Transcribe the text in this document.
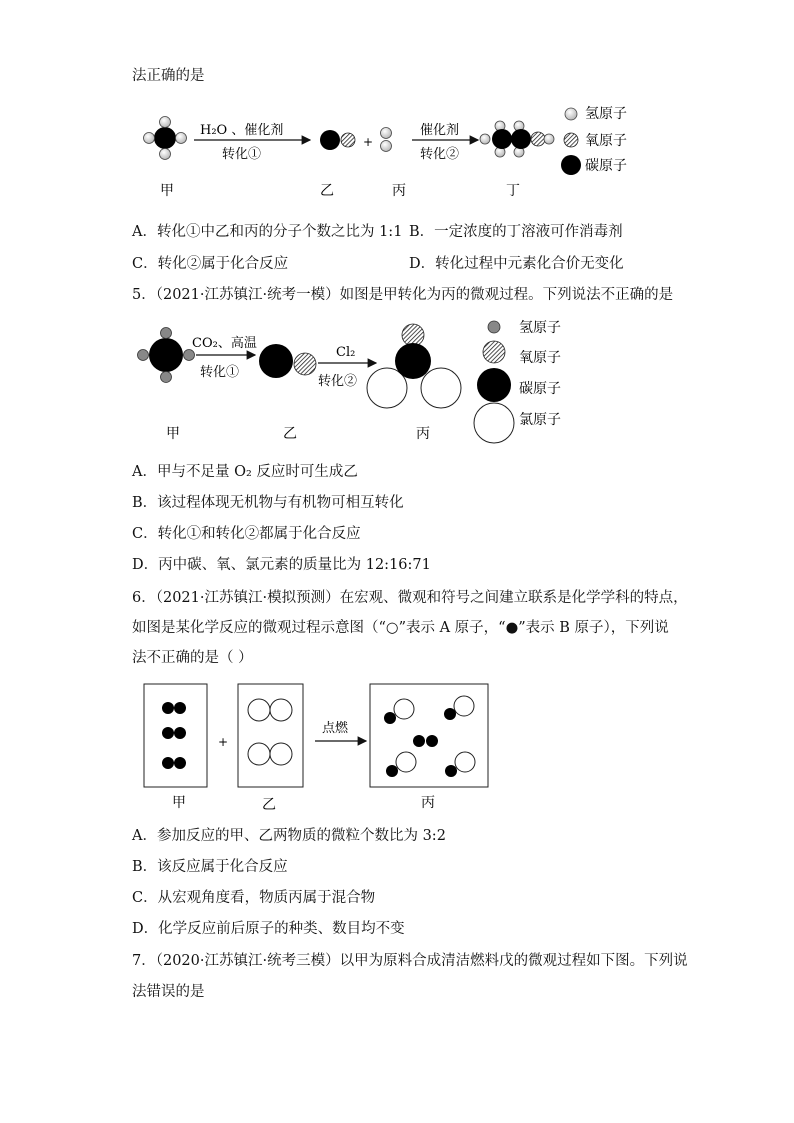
法正确的是
H₂O 、催化剂
转化①
+
催化剂
转化②
甲	乙	丙	丁
氢原子
氧原子
碳原子
A．转化①中乙和丙的分子个数之比为 1:1 B．一定浓度的丁溶液可作消毒剂
C．转化②属于化合反应	D．转化过程中元素化合价无变化
5．（2021·江苏镇江·统考一模）如图是甲转化为丙的微观过程。下列说法不正确的是
CO₂、高温
转化①
Cl₂
转化②
甲	乙	丙
氢原子
氧原子
碳原子
氯原子
A．甲与不足量 O₂ 反应时可生成乙
B．该过程体现无机物与有机物可相互转化
C．转化①和转化②都属于化合反应
D．丙中碳、氧、氯元素的质量比为 12:16:71
6．（2021·江苏镇江·模拟预测）在宏观、微观和符号之间建立联系是化学学科的特点，
如图是某化学反应的微观过程示意图（“○”表示 A 原子，“●”表示 B 原子），下列说
法不正确的是（ ）
+
点燃
甲	乙	丙
A．参加反应的甲、乙两物质的微粒个数比为 3:2
B．该反应属于化合反应
C．从宏观角度看，物质丙属于混合物
D．化学反应前后原子的种类、数目均不变
7．（2020·江苏镇江·统考三模）以甲为原料合成清洁燃料戊的微观过程如下图。下列说
法错误的是
